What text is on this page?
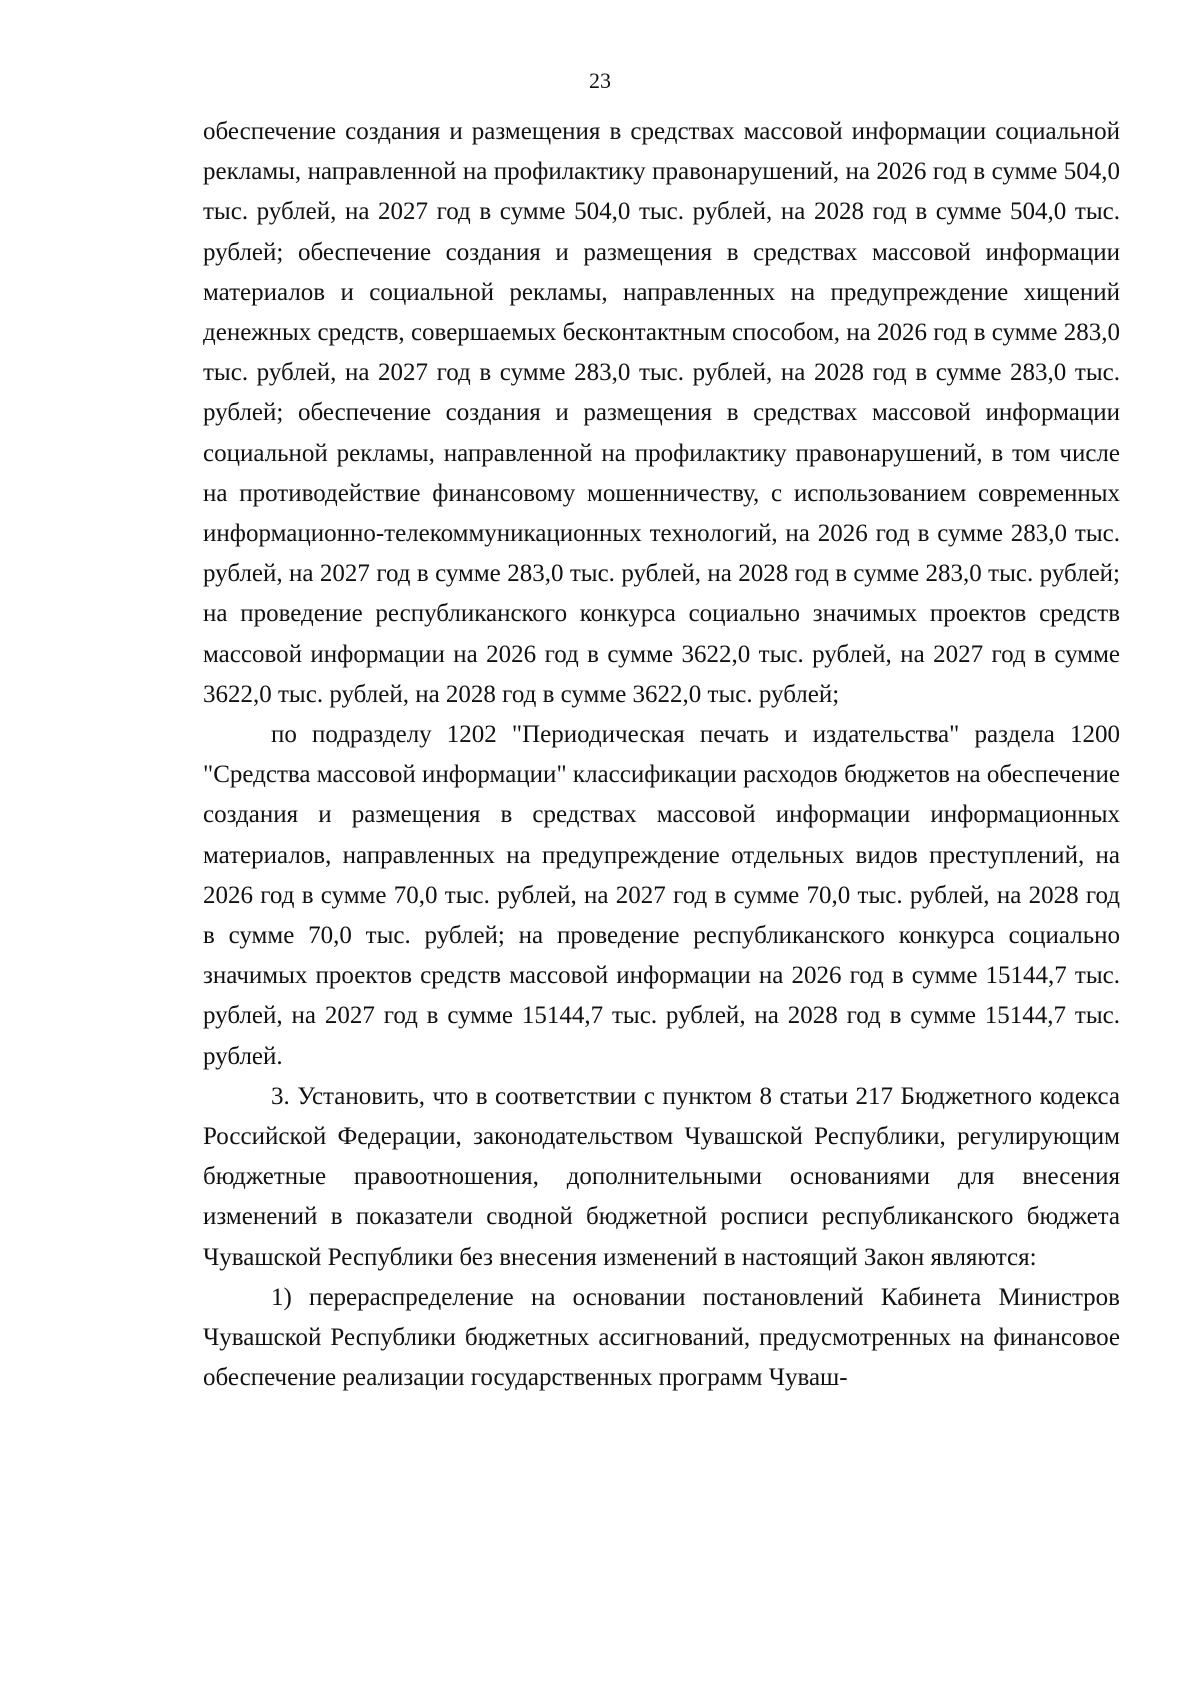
23

обеспечение создания и размещения в средствах массовой информации социальной рекламы, направленной на профилактику правонарушений, на 2026 год в сумме 504,0 тыс. рублей, на 2027 год в сумме 504,0 тыс. рублей, на 2028 год в сумме 504,0 тыс. рублей; обеспечение создания и размещения в средствах массовой информации материалов и социальной рекламы, направленных на предупреждение хищений денежных средств, совершаемых бесконтактным способом, на 2026 год в сумме 283,0 тыс. рублей, на 2027 год в сумме 283,0 тыс. рублей, на 2028 год в сумме 283,0 тыс. рублей; обеспечение создания и размещения в средствах массовой информации социальной рекламы, направленной на профилактику правонарушений, в том числе на противодействие финансовому мошенничеству, с использованием современных информационно-телекоммуникационных технологий, на 2026 год в сумме 283,0 тыс. рублей, на 2027 год в сумме 283,0 тыс. рублей, на 2028 год в сумме 283,0 тыс. рублей; на проведение республиканского конкурса социально значимых проектов средств массовой информации на 2026 год в сумме 3622,0 тыс. рублей, на 2027 год в сумме 3622,0 тыс. рублей, на 2028 год в сумме 3622,0 тыс. рублей;

по подразделу 1202 "Периодическая печать и издательства" раздела 1200 "Средства массовой информации" классификации расходов бюджетов на обеспечение создания и размещения в средствах массовой информации информационных материалов, направленных на предупреждение отдельных видов преступлений, на 2026 год в сумме 70,0 тыс. рублей, на 2027 год в сумме 70,0 тыс. рублей, на 2028 год в сумме 70,0 тыс. рублей; на проведение республиканского конкурса социально значимых проектов средств массовой информации на 2026 год в сумме 15144,7 тыс. рублей, на 2027 год в сумме 15144,7 тыс. рублей, на 2028 год в сумме 15144,7 тыс. рублей.

3. Установить, что в соответствии с пунктом 8 статьи 217 Бюджетного кодекса Российской Федерации, законодательством Чувашской Республики, регулирующим бюджетные правоотношения, дополнительными основаниями для внесения изменений в показатели сводной бюджетной росписи республиканского бюджета Чувашской Республики без внесения изменений в настоящий Закон являются:

1) перераспределение на основании постановлений Кабинета Министров Чувашской Республики бюджетных ассигнований, предусмотренных на финансовое обеспечение реализации государственных программ Чуваш-
